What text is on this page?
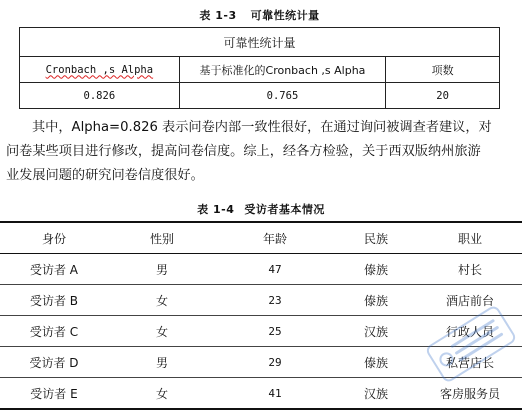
表 1-3 可靠性统计量
可靠性统计量		
Cronbach ,s Alpha	基于标准化的Cronbach ,s Alpha	项数
0.826	0.765	20
其中，Alpha=0.826 表示问卷内部一致性很好，在通过询问被调查者建议，对
问卷某些项目进行修改，提高问卷信度。综上，经各方检验，关于西双版纳州旅游
业发展问题的研究问卷信度很好。
表 1-4 受访者基本情况
身份	性别	年龄	民族	职业
受访者 A	男	47	傣族	村长
受访者 B	女	23	傣族	酒店前台
受访者 C	女	25	汉族	行政人员
受访者 D	男	29	傣族	私营店长
受访者 E	女	41	汉族	客房服务员
